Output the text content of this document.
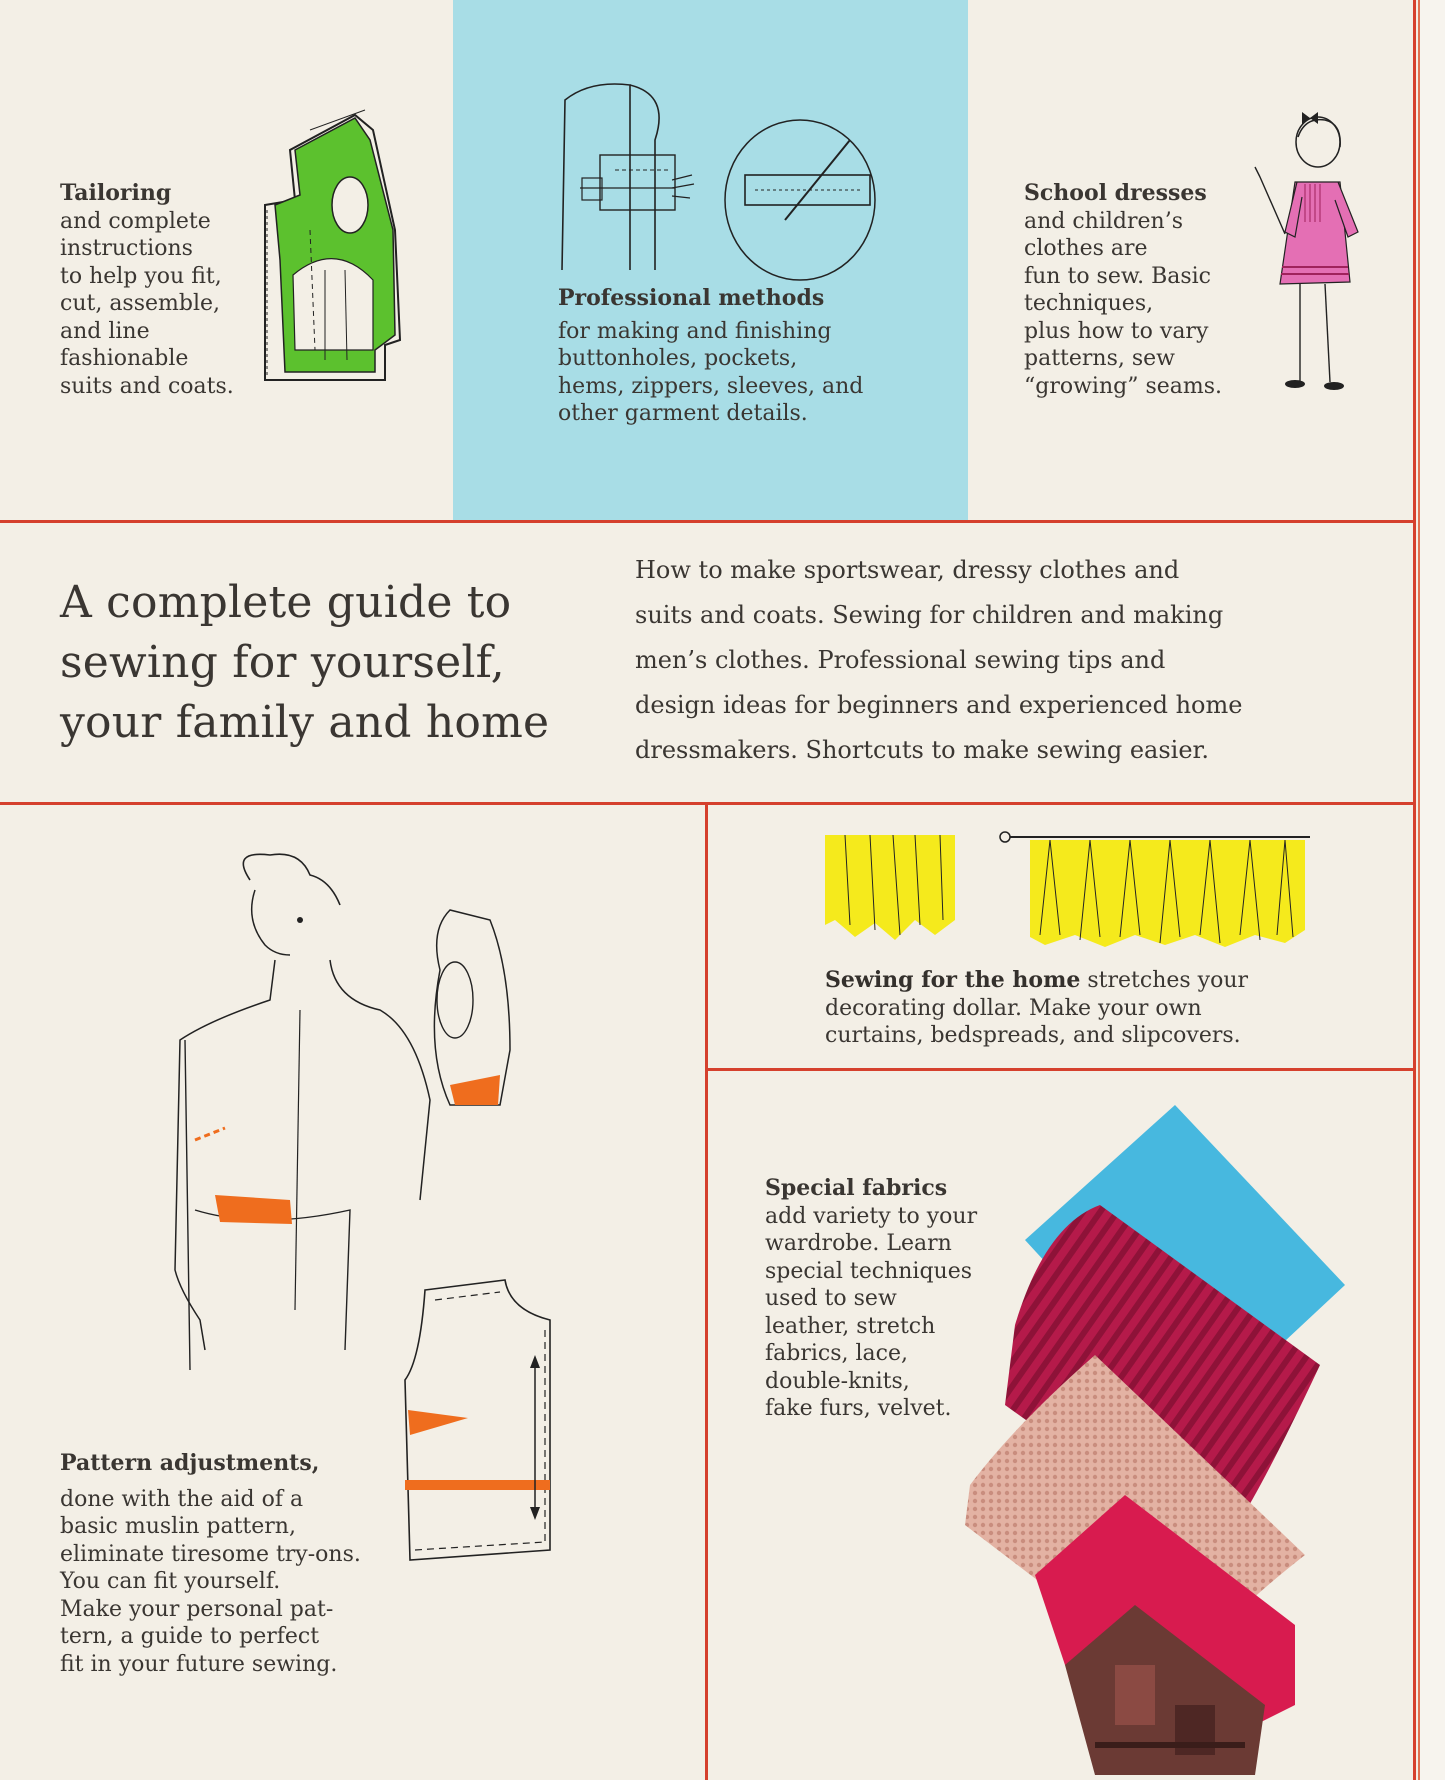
Tailoring
and complete
instructions
to help you fit,
cut, assemble,
and line
fashionable
suits and coats.
Professional methods
for making and finishing
buttonholes, pockets,
hems, zippers, sleeves, and
other garment details.
School dresses
and children’s
clothes are
fun to sew. Basic
techniques,
plus how to vary
patterns, sew
“growing” seams.
A complete guide to
sewing for yourself,
your family and home
How to make sportswear, dressy clothes and
suits and coats. Sewing for children and making
men’s clothes. Professional sewing tips and
design ideas for beginners and experienced home
dressmakers. Shortcuts to make sewing easier.
Sewing for the home stretches your
decorating dollar. Make your own
curtains, bedspreads, and slipcovers.
Pattern adjustments,
done with the aid of a
basic muslin pattern,
eliminate tiresome try-ons.
You can fit yourself.
Make your personal pat-
tern, a guide to perfect
fit in your future sewing.
Special fabrics
add variety to your
wardrobe. Learn
special techniques
used to sew
leather, stretch
fabrics, lace,
double-knits,
fake furs, velvet.
